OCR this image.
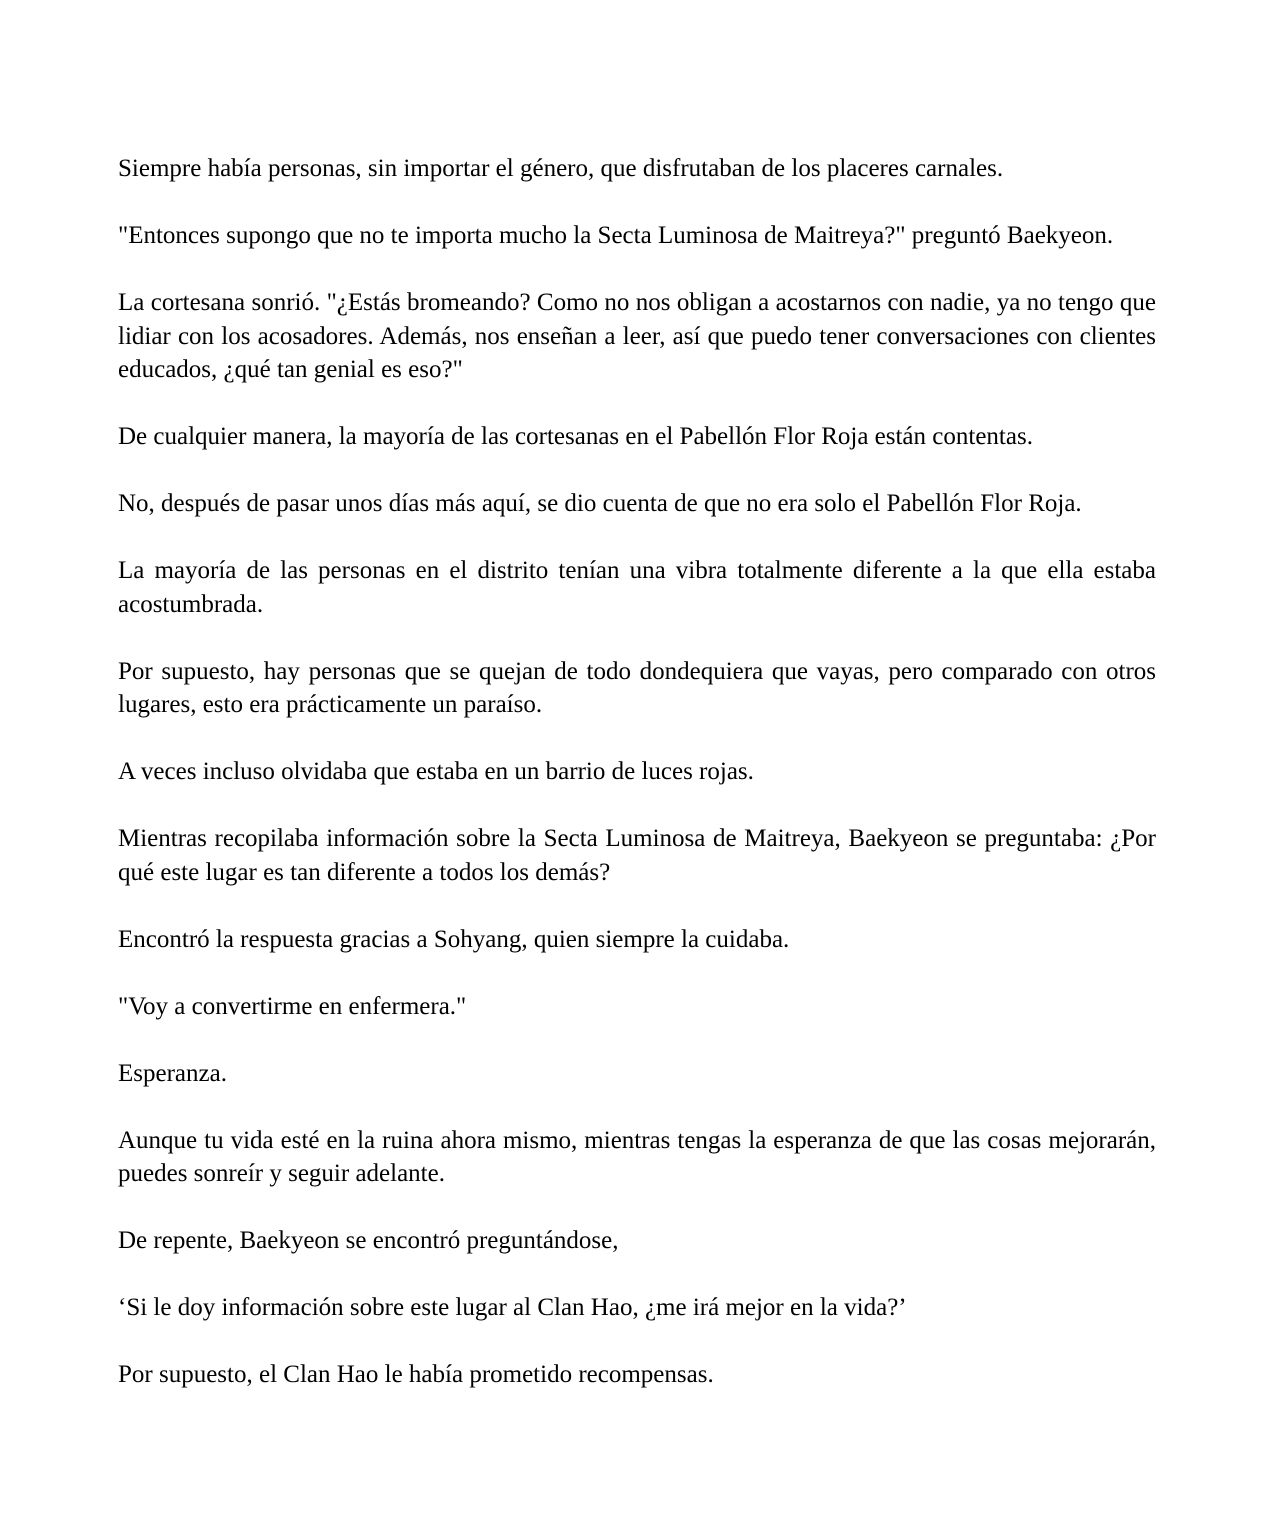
Siempre había personas, sin importar el género, que disfrutaban de los placeres carnales.

"Entonces supongo que no te importa mucho la Secta Luminosa de Maitreya?" preguntó Baekyeon.

La cortesana sonrió. "¿Estás bromeando? Como no nos obligan a acostarnos con nadie, ya no tengo que lidiar con los acosadores. Además, nos enseñan a leer, así que puedo tener conversaciones con clientes educados, ¿qué tan genial es eso?"

De cualquier manera, la mayoría de las cortesanas en el Pabellón Flor Roja están contentas.

No, después de pasar unos días más aquí, se dio cuenta de que no era solo el Pabellón Flor Roja.

La mayoría de las personas en el distrito tenían una vibra totalmente diferente a la que ella estaba acostumbrada.

Por supuesto, hay personas que se quejan de todo dondequiera que vayas, pero comparado con otros lugares, esto era prácticamente un paraíso.

A veces incluso olvidaba que estaba en un barrio de luces rojas.

Mientras recopilaba información sobre la Secta Luminosa de Maitreya, Baekyeon se preguntaba: ¿Por qué este lugar es tan diferente a todos los demás?

Encontró la respuesta gracias a Sohyang, quien siempre la cuidaba.

"Voy a convertirme en enfermera."

Esperanza.

Aunque tu vida esté en la ruina ahora mismo, mientras tengas la esperanza de que las cosas mejorarán, puedes sonreír y seguir adelante.

De repente, Baekyeon se encontró preguntándose,

‘Si le doy información sobre este lugar al Clan Hao, ¿me irá mejor en la vida?’

Por supuesto, el Clan Hao le había prometido recompensas.
